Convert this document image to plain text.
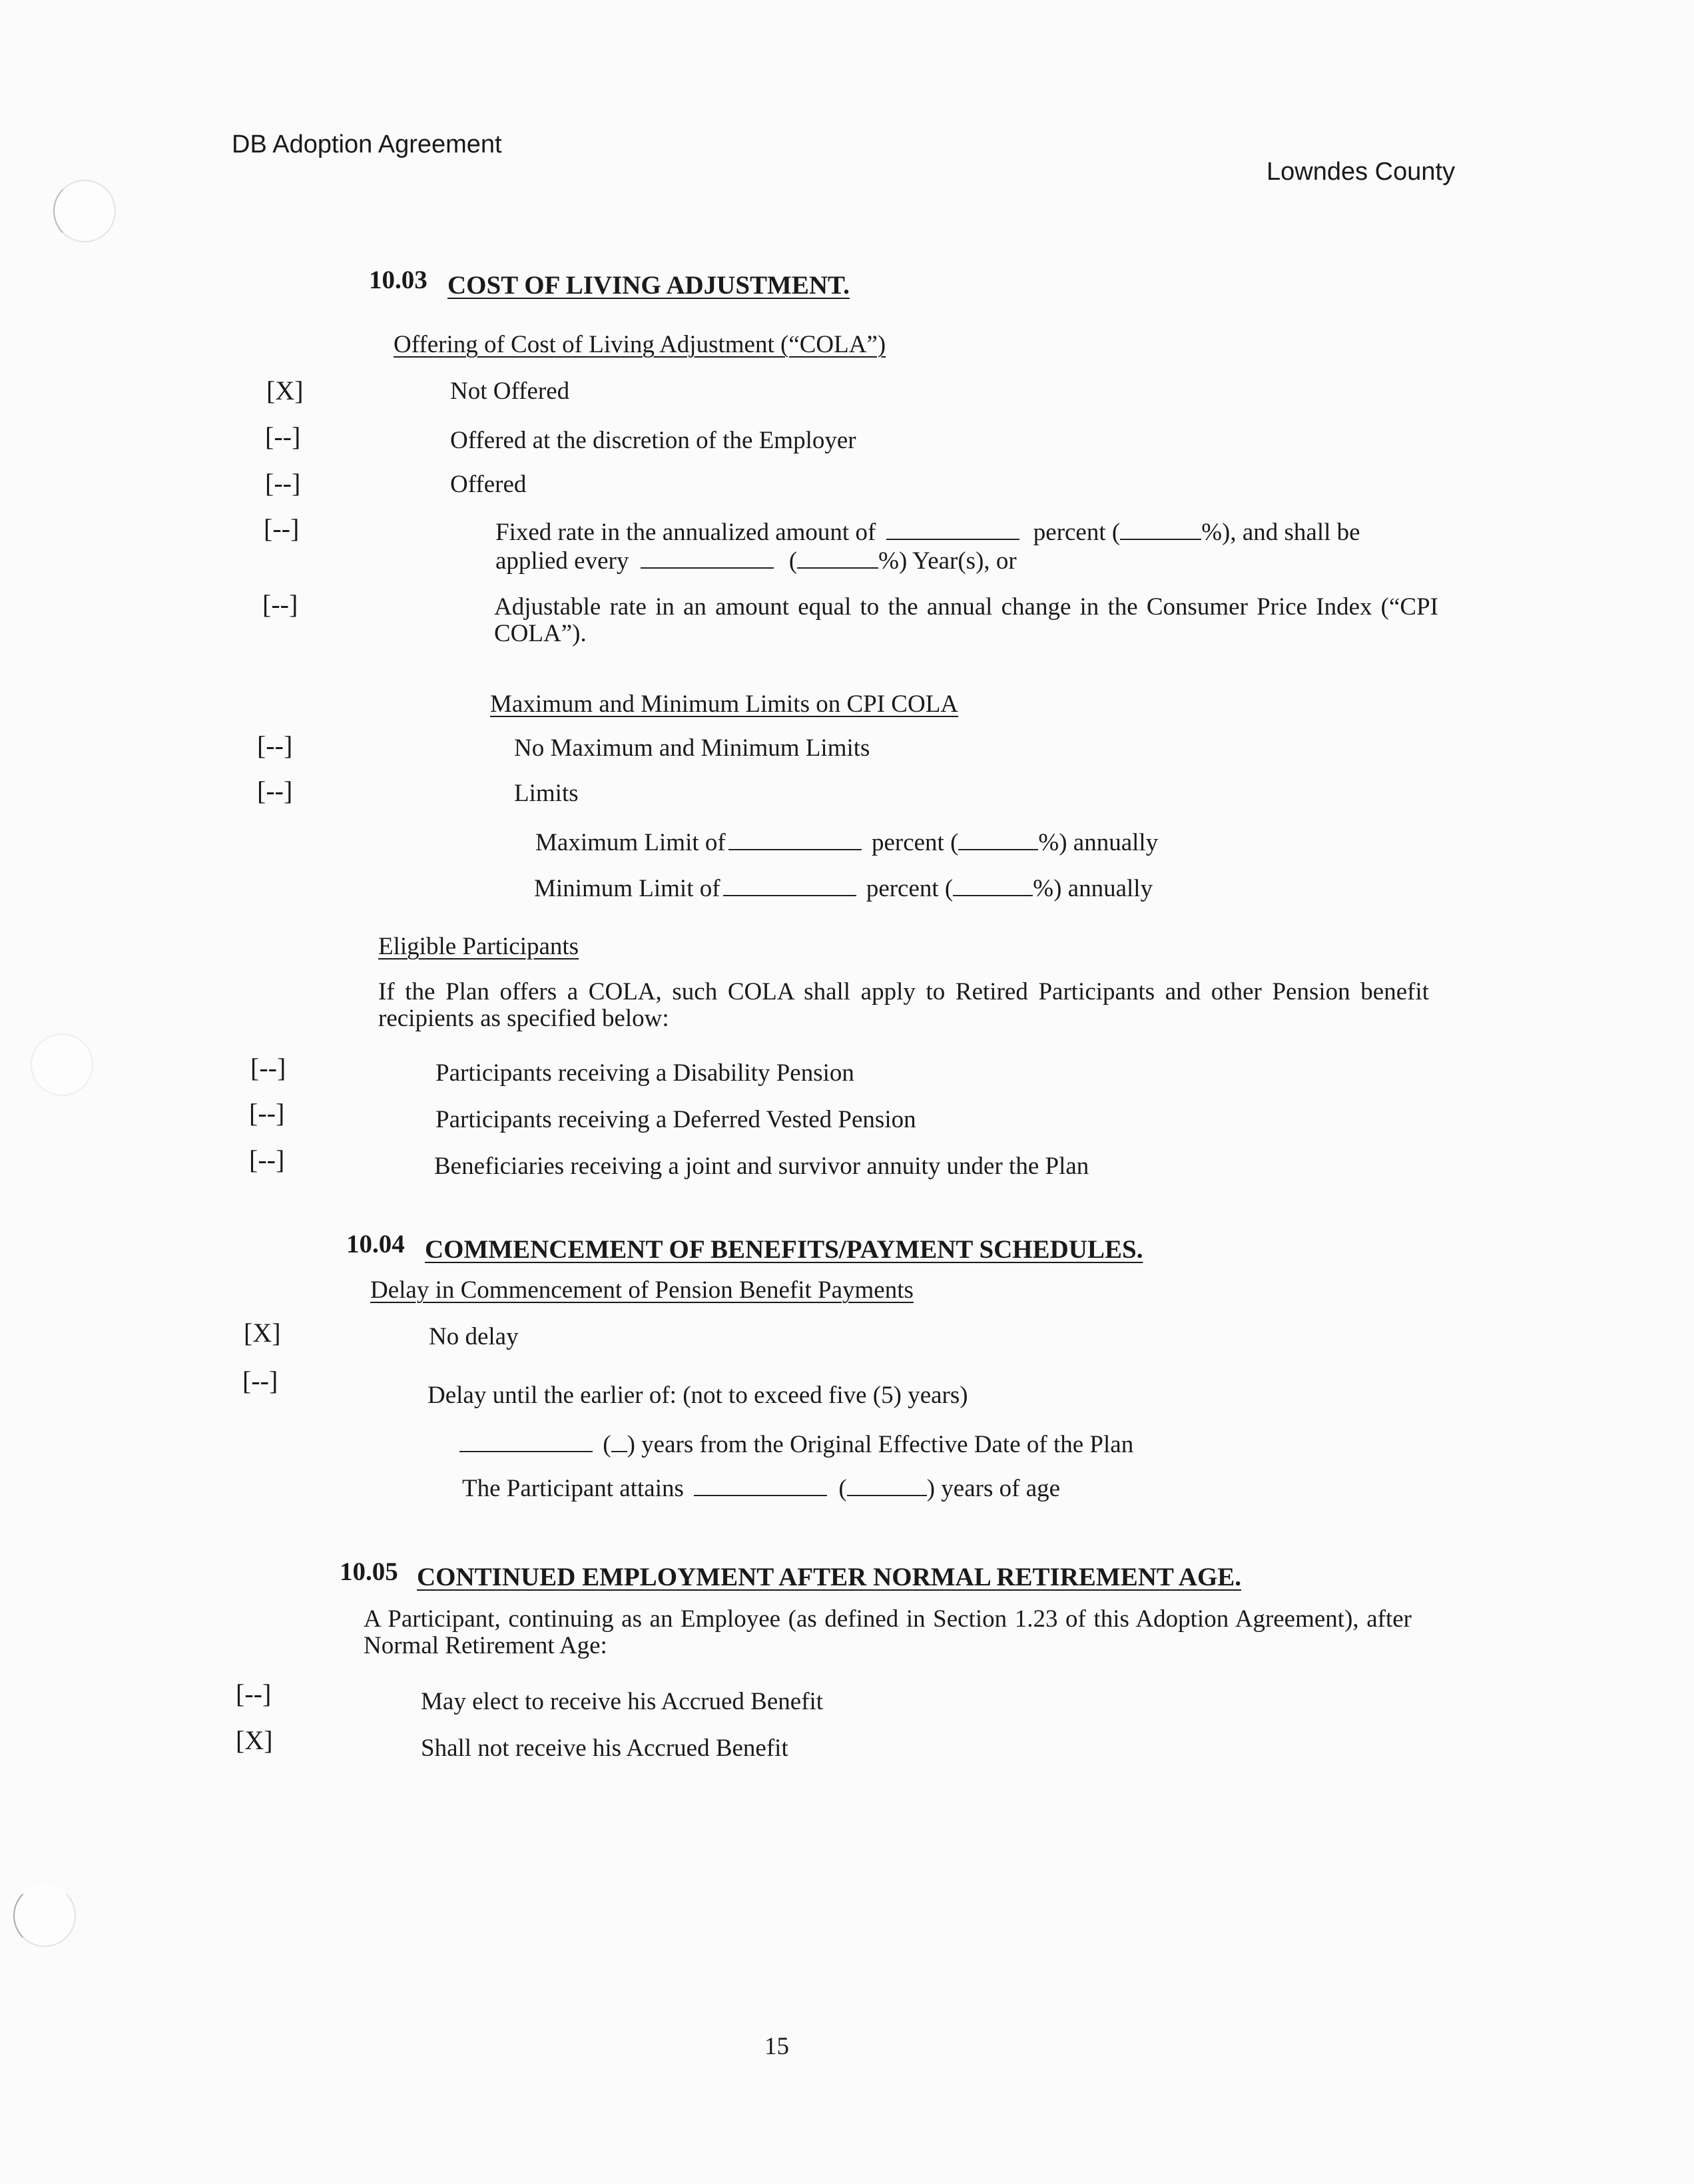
DB Adoption Agreement
Lowndes County
10.03 COST OF LIVING ADJUSTMENT.
Offering of Cost of Living Adjustment (“COLA”)
[X]	Not Offered
[--]	Offered at the discretion of the Employer
[--]	Offered
[--]	Fixed rate in the annualized amount of	percent (	%), and shall be
applied every	(	%) Year(s), or
[--]	Adjustable rate in an amount equal to the annual change in the Consumer Price Index (“CPI COLA”).
Maximum and Minimum Limits on CPI COLA
[--]	No Maximum and Minimum Limits
[--]	Limits
Maximum Limit of	percent (	%) annually
Minimum Limit of	percent (	%) annually
Eligible Participants
If the Plan offers a COLA, such COLA shall apply to Retired Participants and other Pension benefit recipients as specified below:
[--]	Participants receiving a Disability Pension
[--]	Participants receiving a Deferred Vested Pension
[--]	Beneficiaries receiving a joint and survivor annuity under the Plan
10.04 COMMENCEMENT OF BENEFITS/PAYMENT SCHEDULES.
Delay in Commencement of Pension Benefit Payments
[X]	No delay
[--]	Delay until the earlier of: (not to exceed five (5) years)
( ) years from the Original Effective Date of the Plan
The Participant attains	(	) years of age
10.05 CONTINUED EMPLOYMENT AFTER NORMAL RETIREMENT AGE.
A Participant, continuing as an Employee (as defined in Section 1.23 of this Adoption Agreement), after Normal Retirement Age:
[--]	May elect to receive his Accrued Benefit
[X]	Shall not receive his Accrued Benefit
15
